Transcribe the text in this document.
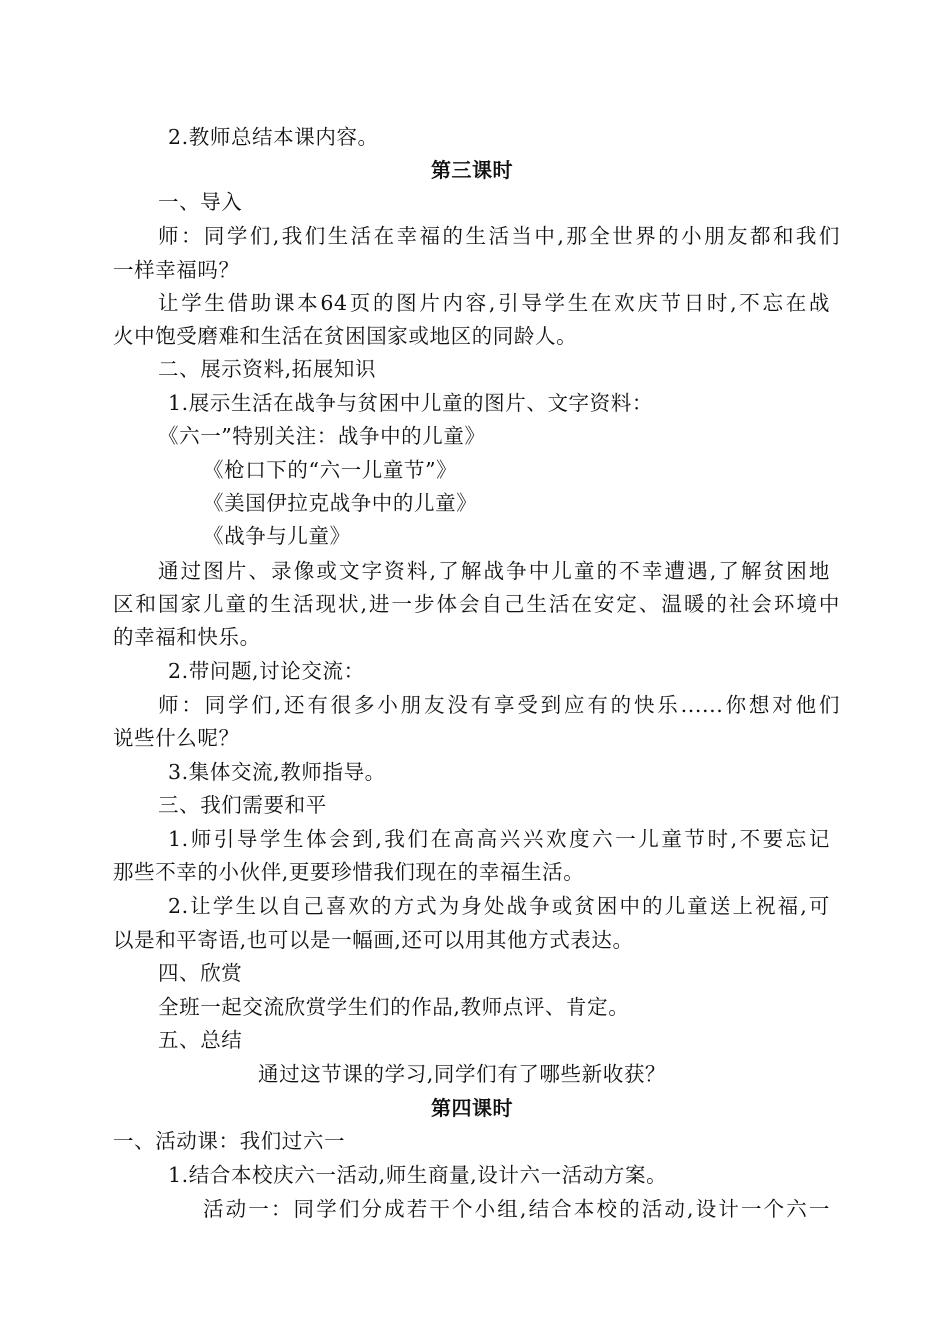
2.教师总结本课内容。

第三课时

一、导入

师：同学们,我们生活在幸福的生活当中,那全世界的小朋友都和我们

一样幸福吗？

让学生借助课本64页的图片内容,引导学生在欢庆节日时,不忘在战

火中饱受磨难和生活在贫困国家或地区的同龄人。

二、展示资料,拓展知识

1.展示生活在战争与贫困中儿童的图片、文字资料：

《六一”特别关注：战争中的儿童》

《枪口下的“六一儿童节”》

《美国伊拉克战争中的儿童》

《战争与儿童》

通过图片、录像或文字资料,了解战争中儿童的不幸遭遇,了解贫困地

区和国家儿童的生活现状,进一步体会自己生活在安定、温暖的社会环境中

的幸福和快乐。

2.带问题,讨论交流：

师：同学们,还有很多小朋友没有享受到应有的快乐......你想对他们

说些什么呢？

3.集体交流,教师指导。

三、我们需要和平

1.师引导学生体会到,我们在高高兴兴欢度六一儿童节时,不要忘记

那些不幸的小伙伴,更要珍惜我们现在的幸福生活。

2.让学生以自己喜欢的方式为身处战争或贫困中的儿童送上祝福,可

以是和平寄语,也可以是一幅画,还可以用其他方式表达。

四、欣赏

全班一起交流欣赏学生们的作品,教师点评、肯定。

五、总结

通过这节课的学习,同学们有了哪些新收获？

第四课时

一、活动课：我们过六一

1.结合本校庆六一活动,师生商量,设计六一活动方案。

活动一：同学们分成若干个小组,结合本校的活动,设计一个六一
